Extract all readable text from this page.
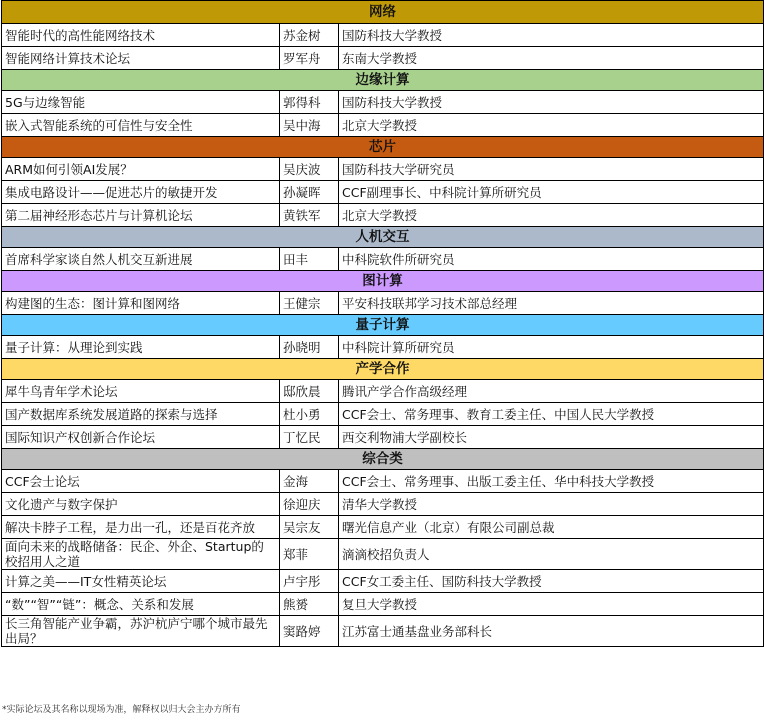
网络		
智能时代的高性能网络技术	苏金树	国防科技大学教授
智能网络计算技术论坛	罗军舟	东南大学教授
边缘计算		
5G与边缘智能	郭得科	国防科技大学教授
嵌入式智能系统的可信性与安全性	吴中海	北京大学教授
芯片		
ARM如何引领AI发展？	吴庆波	国防科技大学研究员
集成电路设计——促进芯片的敏捷开发	孙凝晖	CCF副理事长、中科院计算所研究员
第二届神经形态芯片与计算机论坛	黄铁军	北京大学教授
人机交互		
首席科学家谈自然人机交互新进展	田丰	中科院软件所研究员
图计算		
构建图的生态：图计算和图网络	王健宗	平安科技联邦学习技术部总经理
量子计算		
量子计算：从理论到实践	孙晓明	中科院计算所研究员
产学合作		
犀牛鸟青年学术论坛	邸欣晨	腾讯产学合作高级经理
国产数据库系统发展道路的探索与选择	杜小勇	CCF会士、常务理事、教育工委主任、中国人民大学教授
国际知识产权创新合作论坛	丁忆民	西交利物浦大学副校长
综合类		
CCF会士论坛	金海	CCF会士、常务理事、出版工委主任、华中科技大学教授
文化遗产与数字保护	徐迎庆	清华大学教授
解决卡脖子工程，是力出一孔，还是百花齐放	吴宗友	曙光信息产业（北京）有限公司副总裁
面向未来的战略储备：民企、外企、Startup的校招用人之道	郑菲	滴滴校招负责人
计算之美——IT女性精英论坛	卢宇彤	CCF女工委主任、国防科技大学教授
“数”“智”“链”：概念、关系和发展	熊赟	复旦大学教授
长三角智能产业争霸，苏沪杭庐宁哪个城市最先出局？	窦路婷	江苏富士通基盘业务部科长
*实际论坛及其名称以现场为准，解释权以归大会主办方所有
